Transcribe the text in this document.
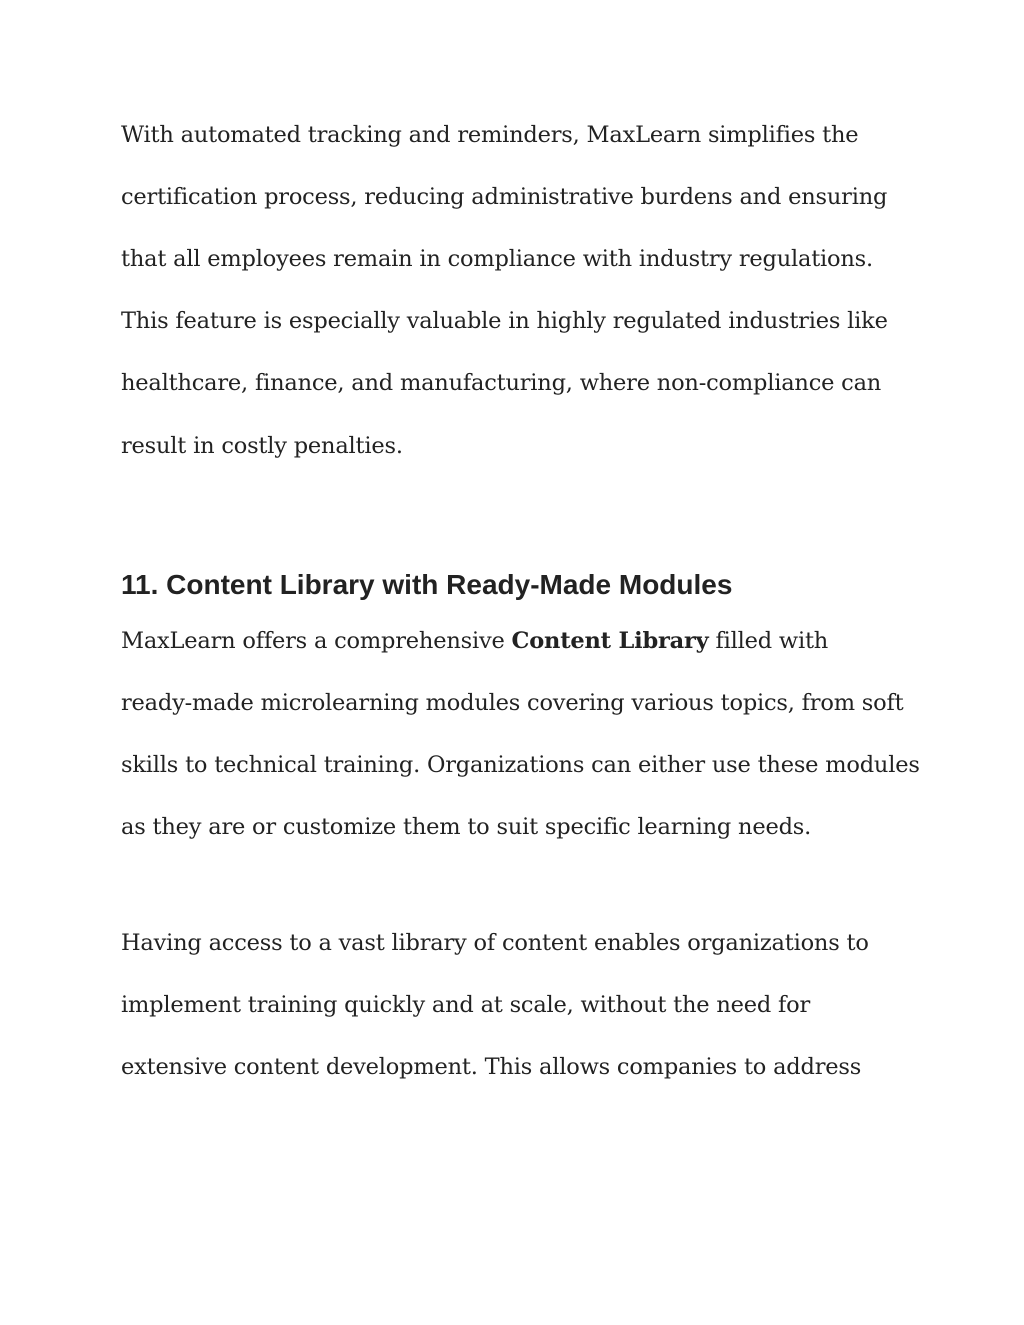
With automated tracking and reminders, MaxLearn simplifies the
certification process, reducing administrative burdens and ensuring
that all employees remain in compliance with industry regulations.
This feature is especially valuable in highly regulated industries like
healthcare, finance, and manufacturing, where non-compliance can
result in costly penalties.
11. Content Library with Ready-Made Modules
MaxLearn offers a comprehensive Content Library filled with
ready-made microlearning modules covering various topics, from soft
skills to technical training. Organizations can either use these modules
as they are or customize them to suit specific learning needs.
Having access to a vast library of content enables organizations to
implement training quickly and at scale, without the need for
extensive content development. This allows companies to address
